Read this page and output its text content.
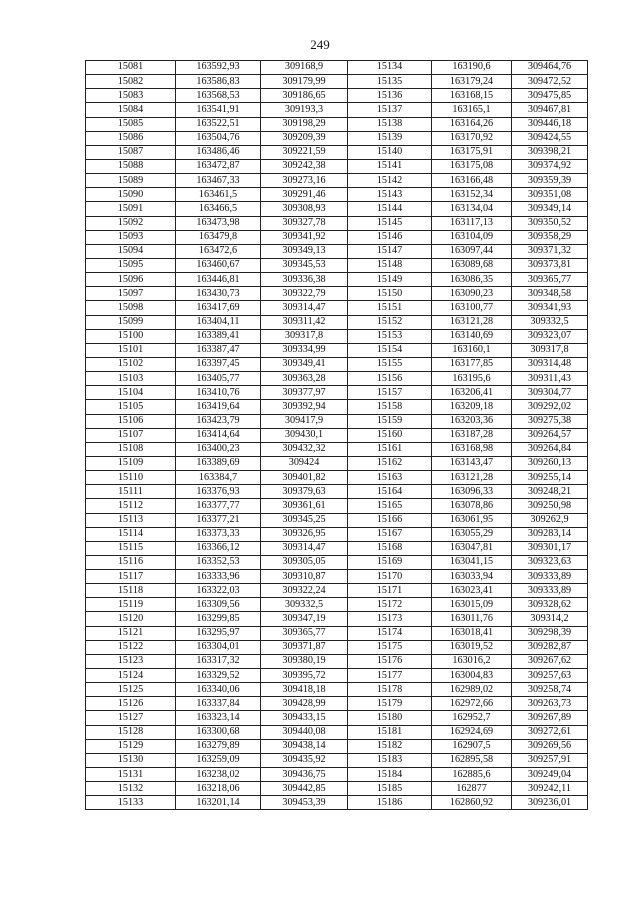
249
15081	163592,93	309168,9	15134	163190,6	309464,76
15082	163586,83	309179,99	15135	163179,24	309472,52
15083	163568,53	309186,65	15136	163168,15	309475,85
15084	163541,91	309193,3	15137	163165,1	309467,81
15085	163522,51	309198,29	15138	163164,26	309446,18
15086	163504,76	309209,39	15139	163170,92	309424,55
15087	163486,46	309221,59	15140	163175,91	309398,21
15088	163472,87	309242,38	15141	163175,08	309374,92
15089	163467,33	309273,16	15142	163166,48	309359,39
15090	163461,5	309291,46	15143	163152,34	309351,08
15091	163466,5	309308,93	15144	163134,04	309349,14
15092	163473,98	309327,78	15145	163117,13	309350,52
15093	163479,8	309341,92	15146	163104,09	309358,29
15094	163472,6	309349,13	15147	163097,44	309371,32
15095	163460,67	309345,53	15148	163089,68	309373,81
15096	163446,81	309336,38	15149	163086,35	309365,77
15097	163430,73	309322,79	15150	163090,23	309348,58
15098	163417,69	309314,47	15151	163100,77	309341,93
15099	163404,11	309311,42	15152	163121,28	309332,5
15100	163389,41	309317,8	15153	163140,69	309323,07
15101	163387,47	309334,99	15154	163160,1	309317,8
15102	163397,45	309349,41	15155	163177,85	309314,48
15103	163405,77	309363,28	15156	163195,6	309311,43
15104	163410,76	309377,97	15157	163206,41	309304,77
15105	163419,64	309392,94	15158	163209,18	309292,02
15106	163423,79	309417,9	15159	163203,36	309275,38
15107	163414,64	309430,1	15160	163187,28	309264,57
15108	163400,23	309432,32	15161	163168,98	309264,84
15109	163389,69	309424	15162	163143,47	309260,13
15110	163384,7	309401,82	15163	163121,28	309255,14
15111	163376,93	309379,63	15164	163096,33	309248,21
15112	163377,77	309361,61	15165	163078,86	309250,98
15113	163377,21	309345,25	15166	163061,95	309262,9
15114	163373,33	309326,95	15167	163055,29	309283,14
15115	163366,12	309314,47	15168	163047,81	309301,17
15116	163352,53	309305,05	15169	163041,15	309323,63
15117	163333,96	309310,87	15170	163033,94	309333,89
15118	163322,03	309322,24	15171	163023,41	309333,89
15119	163309,56	309332,5	15172	163015,09	309328,62
15120	163299,85	309347,19	15173	163011,76	309314,2
15121	163295,97	309365,77	15174	163018,41	309298,39
15122	163304,01	309371,87	15175	163019,52	309282,87
15123	163317,32	309380,19	15176	163016,2	309267,62
15124	163329,52	309395,72	15177	163004,83	309257,63
15125	163340,06	309418,18	15178	162989,02	309258,74
15126	163337,84	309428,99	15179	162972,66	309263,73
15127	163323,14	309433,15	15180	162952,7	309267,89
15128	163300,68	309440,08	15181	162924,69	309272,61
15129	163279,89	309438,14	15182	162907,5	309269,56
15130	163259,09	309435,92	15183	162895,58	309257,91
15131	163238,02	309436,75	15184	162885,6	309249,04
15132	163218,06	309442,85	15185	162877	309242,11
15133	163201,14	309453,39	15186	162860,92	309236,01
